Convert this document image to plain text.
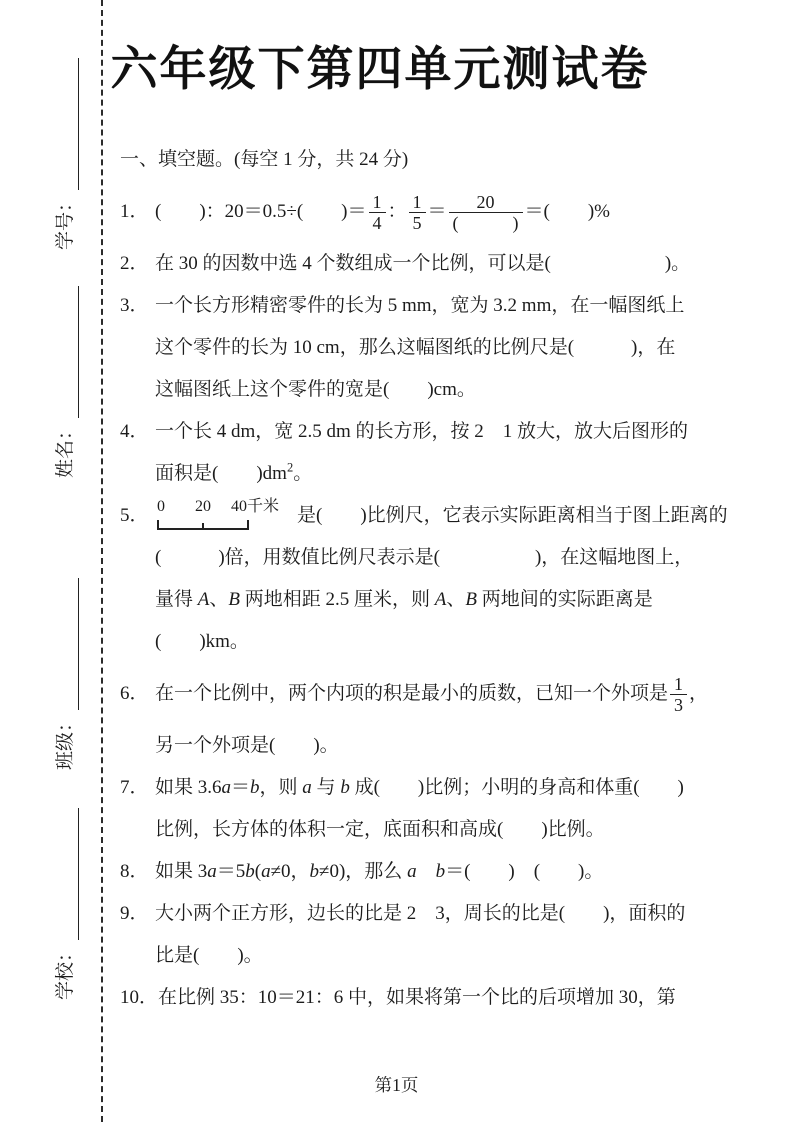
学号：
姓名：
班级：
学校：
六年级下第四单元测试卷
一、填空题。(每空 1 分，共 24 分)
1． (　　)：20＝0.5÷(　　)＝ $\frac{1}{4}$ ： $\frac{1}{5} = \frac{20}{( )}$ ＝(　　)%
2． 在 30 的因数中选 4 个数组成一个比例，可以是(　　　　　　)。
3． 一个长方形精密零件的长为 5 mm，宽为 3.2 mm，在一幅图纸上
这个零件的长为 10 cm，那么这幅图纸的比例尺是(　　　)，在
这幅图纸上这个零件的宽是(　　)cm。
4． 一个长 4 dm，宽 2.5 dm 的长方形，按 2　1 放大，放大后图形的
面积是(　　)$dm^2$。
5． 0 20 40千米 是(　　)比例尺，它表示实际距离相当于图上距离的
(　　　)倍，用数值比例尺表示是(　　　　　)，在这幅地图上，
量得 A、B 两地相距 2.5 厘米，则 A、B 两地间的实际距离是
(　　)km。
6． 在一个比例中，两个内项的积是最小的质数，已知一个外项是 $\frac{1}{3}$ ，
另一个外项是(　　)。
7． 如果 3.6a＝b，则 a 与 b 成(　　)比例；小明的身高和体重(　　)
比例，长方体的体积一定，底面积和高成(　　)比例。
8． 如果 3a＝5b(a≠0，b≠0)，那么 a　 b＝(　　)　(　　)。
9． 大小两个正方形，边长的比是 2　3，周长的比是(　　)，面积的
比是(　　)。
10．在比例 35：10＝21：6 中，如果将第一个比的后项增加 30，第
第1页
